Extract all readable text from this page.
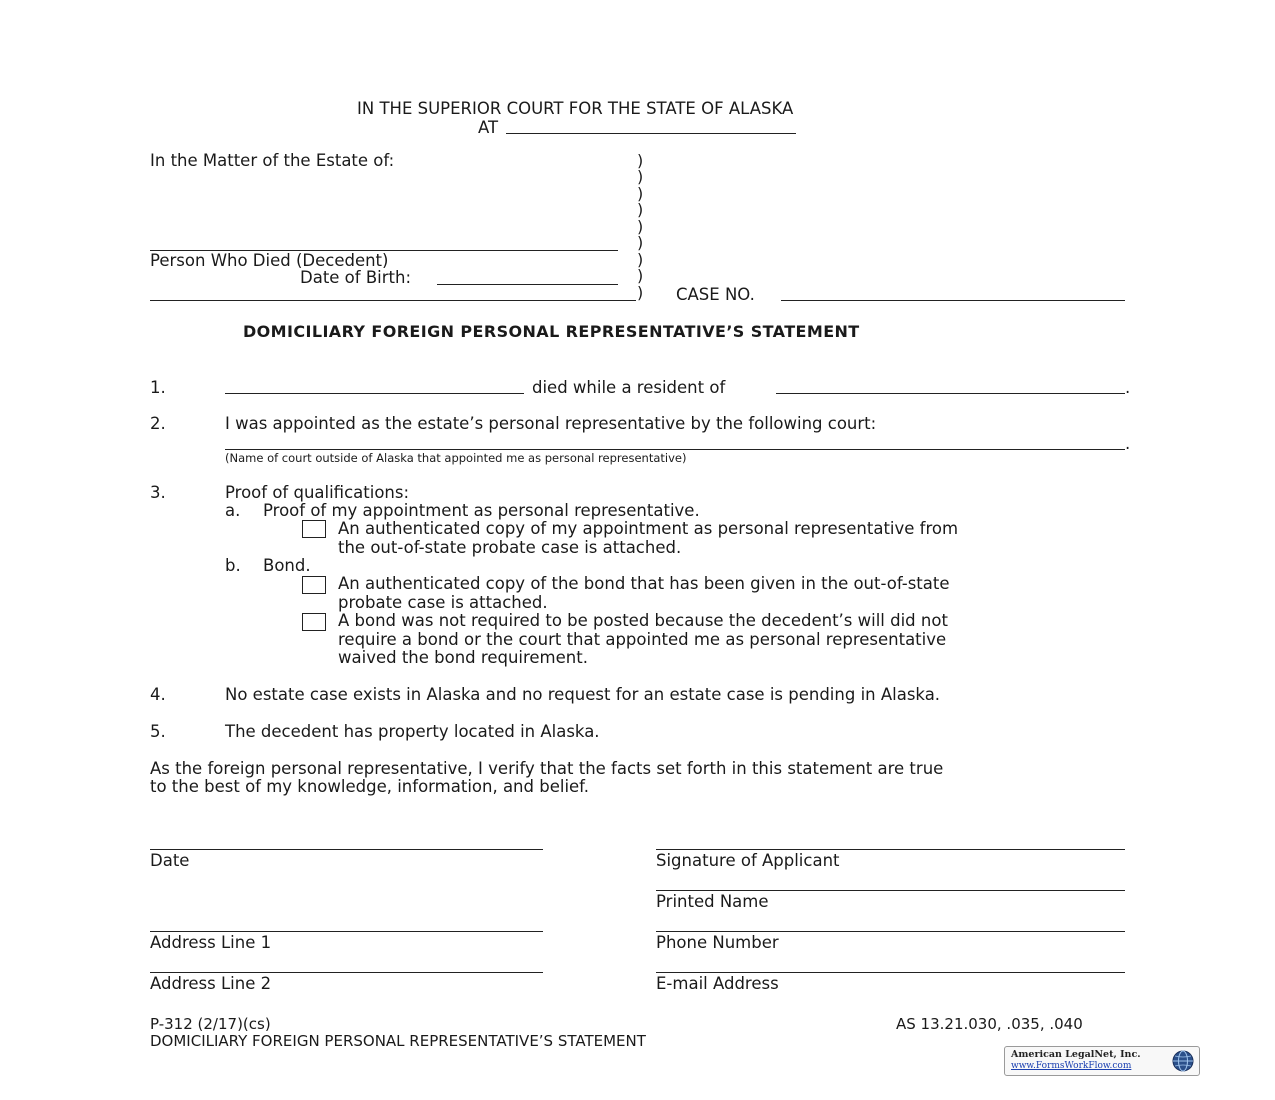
IN THE SUPERIOR COURT FOR THE STATE OF ALASKA
AT
In the Matter of the Estate of:
Person Who Died (Decedent)
Date of Birth:
)
)
)
)
)
)
)
)
) CASE NO.
DOMICILIARY FOREIGN PERSONAL REPRESENTATIVE’S STATEMENT
1.	died while a resident of	.
2.	I was appointed as the estate’s personal representative by the following court:
.
(Name of court outside of Alaska that appointed me as personal representative)
3.	Proof of qualifications:
a. Proof of my appointment as personal representative.
An authenticated copy of my appointment as personal representative from
the out-of-state probate case is attached.
b. Bond.
An authenticated copy of the bond that has been given in the out-of-state
probate case is attached.
A bond was not required to be posted because the decedent’s will did not
require a bond or the court that appointed me as personal representative
waived the bond requirement.
4.	No estate case exists in Alaska and no request for an estate case is pending in Alaska.
5.	The decedent has property located in Alaska.
As the foreign personal representative, I verify that the facts set forth in this statement are true
to the best of my knowledge, information, and belief.
Date	Signature of Applicant
Printed Name
Address Line 1	Phone Number
Address Line 2	E-mail Address
P-312 (2/17)(cs)
DOMICILIARY FOREIGN PERSONAL REPRESENTATIVE’S STATEMENT
AS 13.21.030, .035, .040
American LegalNet, Inc.
www.FormsWorkFlow.com
